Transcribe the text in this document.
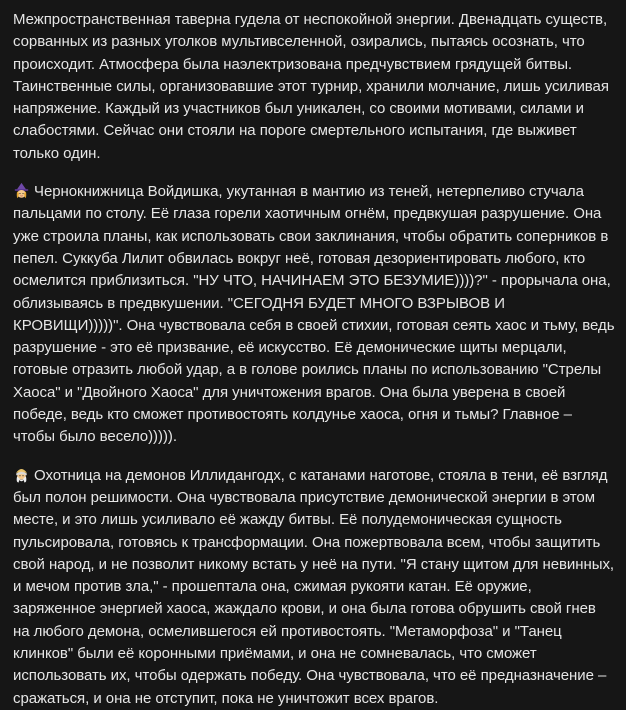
Межпространственная таверна гудела от неспокойной энергии. Двенадцать существ, сорванных из разных уголков мультивселенной, озирались, пытаясь осознать, что происходит. Атмосфера была наэлектризована предчувствием грядущей битвы. Таинственные силы, организовавшие этот турнир, хранили молчание, лишь усиливая напряжение. Каждый из участников был уникален, со своими мотивами, силами и слабостями. Сейчас они стояли на пороге смертельного испытания, где выживет только один.

Чернокнижница Войдишка, укутанная в мантию из теней, нетерпеливо стучала пальцами по столу. Её глаза горели хаотичным огнём, предвкушая разрушение. Она уже строила планы, как использовать свои заклинания, чтобы обратить соперников в пепел. Суккуба Лилит обвилась вокруг неё, готовая дезориентировать любого, кто осмелится приблизиться. "НУ ЧТО, НАЧИНАЕМ ЭТО БЕЗУМИЕ))))?" - прорычала она, облизываясь в предвкушении. "СЕГОДНЯ БУДЕТ МНОГО ВЗРЫВОВ И КРОВИЩИ)))))". Она чувствовала себя в своей стихии, готовая сеять хаос и тьму, ведь разрушение - это её призвание, её искусство. Её демонические щиты мерцали, готовые отразить любой удар, а в голове роились планы по использованию "Стрелы Хаоса" и "Двойного Хаоса" для уничтожения врагов. Она была уверена в своей победе, ведь кто сможет противостоять колдунье хаоса, огня и тьмы? Главное – чтобы было весело))))).

Охотница на демонов Иллидангодх, с катанами наготове, стояла в тени, её взгляд был полон решимости. Она чувствовала присутствие демонической энергии в этом месте, и это лишь усиливало её жажду битвы. Её полудемоническая сущность пульсировала, готовясь к трансформации. Она пожертвовала всем, чтобы защитить свой народ, и не позволит никому встать у неё на пути. "Я стану щитом для невинных, и мечом против зла," - прошептала она, сжимая рукояти катан. Её оружие, заряженное энергией хаоса, жаждало крови, и она была готова обрушить свой гнев на любого демона, осмелившегося ей противостоять. "Метаморфоза" и "Танец клинков" были её коронными приёмами, и она не сомневалась, что сможет использовать их, чтобы одержать победу. Она чувствовала, что её предназначение – сражаться, и она не отступит, пока не уничтожит всех врагов.
